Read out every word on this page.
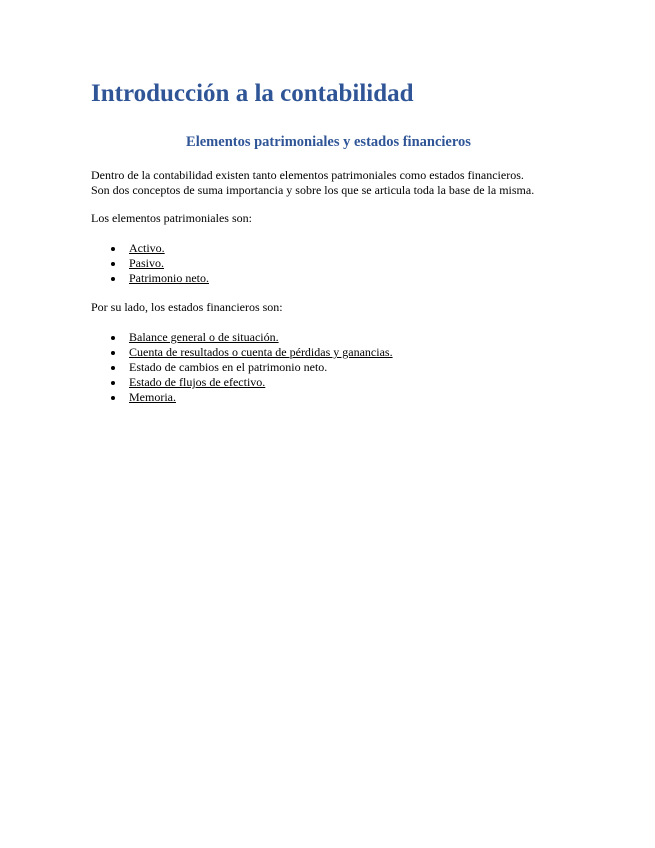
Introducción a la contabilidad
Elementos patrimoniales y estados financieros
Dentro de la contabilidad existen tanto elementos patrimoniales como estados financieros.
Son dos conceptos de suma importancia y sobre los que se articula toda la base de la misma.

Los elementos patrimoniales son:

Activo.
Pasivo.
Patrimonio neto.

Por su lado, los estados financieros son:

Balance general o de situación.
Cuenta de resultados o cuenta de pérdidas y ganancias.
Estado de cambios en el patrimonio neto.
Estado de flujos de efectivo.
Memoria.
